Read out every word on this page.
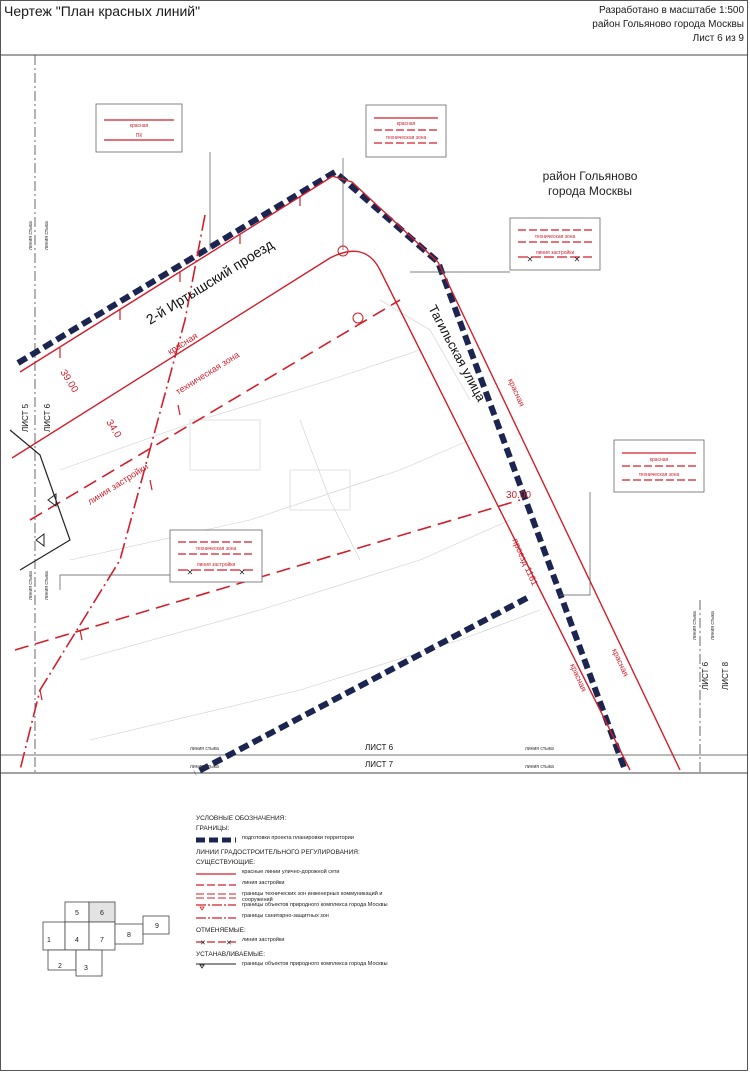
Чертеж "План красных линий"	Разработано в масштабе 1:500
район Гольяново города Москвы
Лист 6 из 9
красная
ПК
красная
техническая зона
техническая зона
линия застройки
✕	✕
красная
техническая зона
техническая зона
линия застройки
✕	✕
район Гольяново
города Москвы
2-й Иртышский проезд
Тагильская улица
проезд 1161
красная
техническая зона
линия застройки
красная
красная
красная
39.00
34.0
30.00
ЛИСТ 5 ЛИСТ 6
ЛИСТ 6 ЛИСТ 8
ЛИСТ 6
ЛИСТ 7
линия стыка линия стыка
линия стыка линия стыка
линия стыка
линия стыка
линия стыка
линия стыка
линия стыка линия стыка
1
2	3
4
5	6
7
8
9
УСЛОВНЫЕ ОБОЗНАЧЕНИЯ:
ГРАНИЦЫ:
подготовки проекта планировки территории
ЛИНИИ ГРАДОСТРОИТЕЛЬНОГО РЕГУЛИРОВАНИЯ:
СУЩЕСТВУЮЩИЕ:
красные линии улично-дорожной сети
линия застройки
границы технических зон инженерных коммуникаций и сооружений
границы объектов природного комплекса города Москвы
границы санитарно-защитных зон
ОТМЕНЯЕМЫЕ:
✕	✕ линия застройки
УСТАНАВЛИВАЕМЫЕ:
границы объектов природного комплекса города Москвы
